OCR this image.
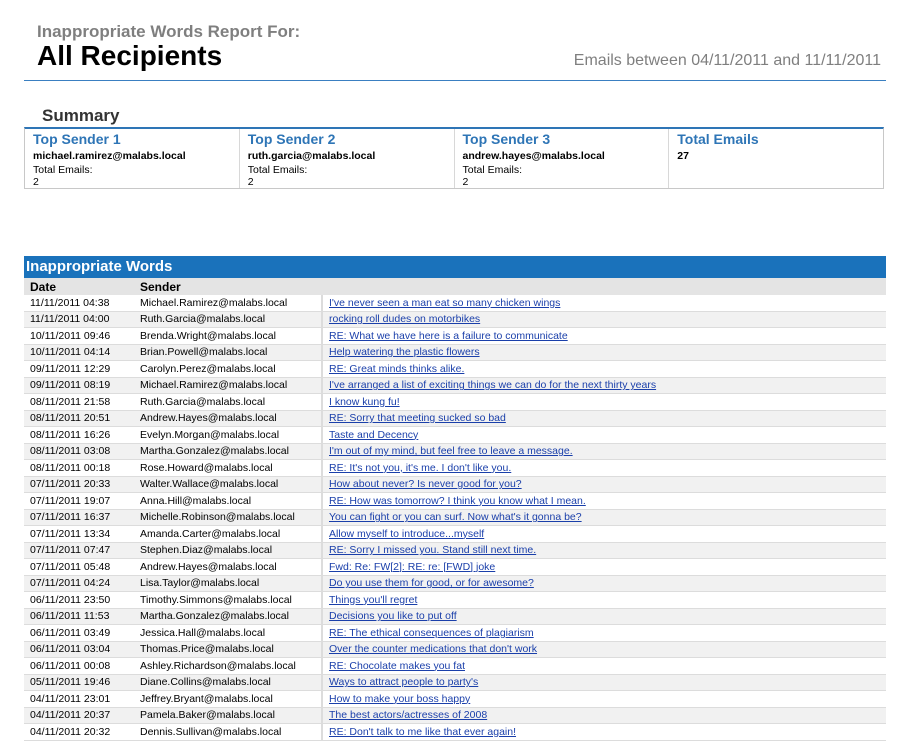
Inappropriate Words Report For:
All Recipients	Emails between 04/11/2011 and 11/11/2011
Summary
Top Sender 1
michael.ramirez@malabs.local
Total Emails:
2
Top Sender 2
ruth.garcia@malabs.local
Total Emails:
2
Top Sender 3
andrew.hayes@malabs.local
Total Emails:
2
Total Emails
27
Inappropriate Words
Date	Sender	
11/11/2011 04:38	Michael.Ramirez@malabs.local	I've never seen a man eat so many chicken wings
11/11/2011 04:00	Ruth.Garcia@malabs.local	rocking roll dudes on motorbikes
10/11/2011 09:46	Brenda.Wright@malabs.local	RE: What we have here is a failure to communicate
10/11/2011 04:14	Brian.Powell@malabs.local	Help watering the plastic flowers
09/11/2011 12:29	Carolyn.Perez@malabs.local	RE: Great minds thinks alike.
09/11/2011 08:19	Michael.Ramirez@malabs.local	I've arranged a list of exciting things we can do for the next thirty years
08/11/2011 21:58	Ruth.Garcia@malabs.local	I know kung fu!
08/11/2011 20:51	Andrew.Hayes@malabs.local	RE: Sorry that meeting sucked so bad
08/11/2011 16:26	Evelyn.Morgan@malabs.local	Taste and Decency
08/11/2011 03:08	Martha.Gonzalez@malabs.local	I'm out of my mind, but feel free to leave a message.
08/11/2011 00:18	Rose.Howard@malabs.local	RE: It's not you, it's me. I don't like you.
07/11/2011 20:33	Walter.Wallace@malabs.local	How about never? Is never good for you?
07/11/2011 19:07	Anna.Hill@malabs.local	RE: How was tomorrow? I think you know what I mean.
07/11/2011 16:37	Michelle.Robinson@malabs.local	You can fight or you can surf. Now what's it gonna be?
07/11/2011 13:34	Amanda.Carter@malabs.local	Allow myself to introduce...myself
07/11/2011 07:47	Stephen.Diaz@malabs.local	RE: Sorry I missed you. Stand still next time.
07/11/2011 05:48	Andrew.Hayes@malabs.local	Fwd: Re: FW[2]: RE: re: [FWD] joke
07/11/2011 04:24	Lisa.Taylor@malabs.local	Do you use them for good, or for awesome?
06/11/2011 23:50	Timothy.Simmons@malabs.local	Things you'll regret
06/11/2011 11:53	Martha.Gonzalez@malabs.local	Decisions you like to put off
06/11/2011 03:49	Jessica.Hall@malabs.local	RE: The ethical consequences of plagiarism
06/11/2011 03:04	Thomas.Price@malabs.local	Over the counter medications that don't work
06/11/2011 00:08	Ashley.Richardson@malabs.local	RE: Chocolate makes you fat
05/11/2011 19:46	Diane.Collins@malabs.local	Ways to attract people to party's
04/11/2011 23:01	Jeffrey.Bryant@malabs.local	How to make your boss happy
04/11/2011 20:37	Pamela.Baker@malabs.local	The best actors/actresses of 2008
04/11/2011 20:32	Dennis.Sullivan@malabs.local	RE: Don't talk to me like that ever again!
